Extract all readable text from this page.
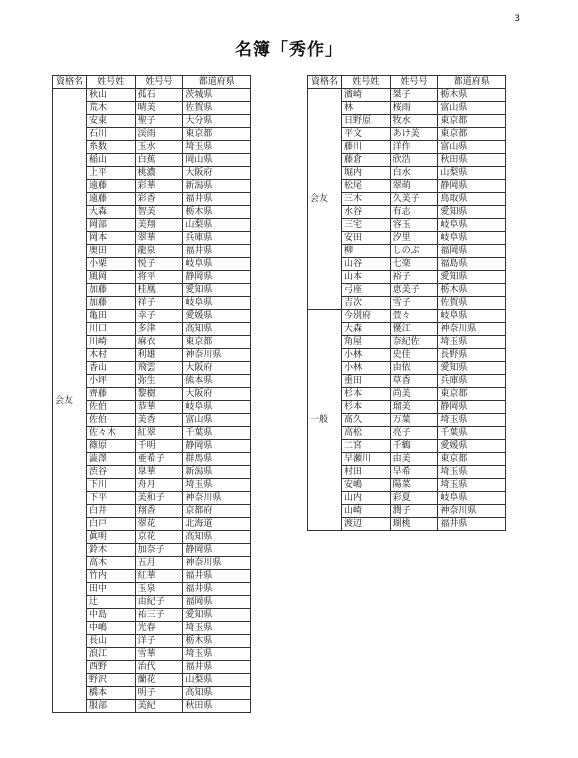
3
名簿「秀作」
資格名	姓号姓	姓号号	都道府県
会友	秋山	孤石	茨城県
	荒木	晴美	佐賀県
	安東	聖子	大分県
	石川	渓雨	東京都
	糸数	玉水	埼玉県
	稲山	白蕉	岡山県
	上平	桃濃	大阪府
	遠藤	彩華	新潟県
	遠藤	彩香	福井県
	大森	智美	栃木県
	岡部	美翔	山梨県
	岡本	翠華	兵庫県
	奥田	龍泉	福井県
	小栗	悦子	岐阜県
	風岡	将平	静岡県
	加藤	桂凰	愛知県
	加藤	祥子	岐阜県
	亀田	幸子	愛媛県
	川口	多津	高知県
	川崎	麻衣	東京都
	木村	利雄	神奈川県
	香山	飛雲	大阪府
	小坪	弥生	熊本県
	齊藤	黎樹	大阪府
	佐伯	恭華	岐阜県
	佐伯	美香	富山県
	佐々木	紅翠	千葉県
	篠原	千明	静岡県
	澁澤	亜希子	群馬県
	渋谷	皐華	新潟県
	下川	舟月	埼玉県
	下平	美和子	神奈川県
	白井	翔香	京都府
	白戸	翠花	北海道
	眞明	京花	高知県
	鈴木	加奈子	静岡県
	高木	五月	神奈川県
	竹内	紅華	福井県
	田中	玉泉	福井県
	辻	由紀子	福岡県
	中島	祐三子	愛知県
	中嶋	光春	埼玉県
	長山	洋子	栃木県
	浪江	雪華	埼玉県
	西野	治代	福井県
	野沢	蘭花	山梨県
	橋本	明子	高知県
	服部	美紀	秋田県
資格名	姓号姓	姓号号	都道府県
会友	濱崎	桀子	栃木県
	林	桜雨	富山県
	日野原	牧水	東京都
	平文	あけ美	東京都
	藤川	洋作	富山県
	藤倉	欣浩	秋田県
	堀内	白水	山梨県
	松尾	翠萌	静岡県
	三木	久美子	鳥取県
	水谷	有志	愛知県
	三宅	容玉	岐阜県
	安田	汐里	岐阜県
	柳	しのぶ	福岡県
	山谷	七楽	福島県
	山本	裕子	愛知県
	弓座	恵美子	栃木県
	吉次	雪子	佐賀県
一般	今別府	萱々	岐阜県
	大森	優江	神奈川県
	角屋	奈紀佐	埼玉県
	小林	史佳	長野県
	小林	由依	愛知県
	重田	草香	兵庫県
	杉本	尚美	東京都
	杉本	瑠美	静岡県
	髙久	万葉	埼玉県
	高松	亮子	千葉県
	二宮	千鶴	愛媛県
	早瀬川	由美	東京都
	村田	早希	埼玉県
	安嶋	陽菜	埼玉県
	山内	彩夏	岐阜県
	山崎	潤子	神奈川県
	渡辺	瑚桃	福井県
